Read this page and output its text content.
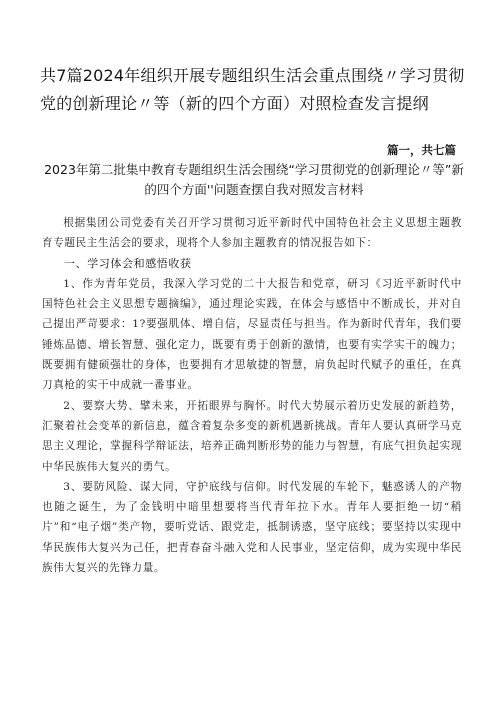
共7篇2024年组织开展专题组织生活会重点围绕〃学习贯彻党的创新理论〃等（新的四个方面）对照检查发言提纲
篇一，共七篇
2023年第二批集中教育专题组织生活会围绕“学习贯彻党的创新理论〃等”新的四个方面''问题查摆自我对照发言材料

根据集团公司党委有关召开学习贯彻习近平新时代中国特色社会主义思想主题教育专题民主生活会的要求，现将个人参加主题教育的情况报告如下：

一、学习体会和感悟收获

1、作为青年党员，我深入学习党的二十大报告和党章，研习《习近平新时代中国特色社会主义思想专题摘编》，通过理论实践，在体会与感悟中不断成长，并对自己提出严苛要求：1?要强肌体、增自信，尽显责任与担当。作为新时代青年，我们要锤炼品德、增长智慧、强化定力，既要有勇于创新的激情，也要有实学实干的魄力；既要拥有健硕强壮的身体，也要拥有才思敏捷的智慧，肩负起时代赋予的重任，在真刀真枪的实干中成就一番事业。

2、要察大势、擘未来，开拓眼界与胸怀。时代大势展示着历史发展的新趋势，汇聚着社会变革的新信息，蕴含着复杂多变的新机遇新挑战。青年人要认真研学马克思主义理论，掌握科学辩证法，培养正确判断形势的能力与智慧，有底气担负起实现中华民族伟大复兴的勇气。

3、要防风险、谋大同，守护底线与信仰。时代发展的车轮下，魅惑诱人的产物也随之诞生，为了金钱明中暗里想要将当代青年拉下水。青年人要拒绝一切“稍片”和“电子烟”类产物，要听党话、跟党走，抵制诱惑，坚守底线；要坚持以实现中华民族伟大复兴为己任，把青春奋斗融入党和人民事业，坚定信仰，成为实现中华民族伟大复兴的先锋力量。
